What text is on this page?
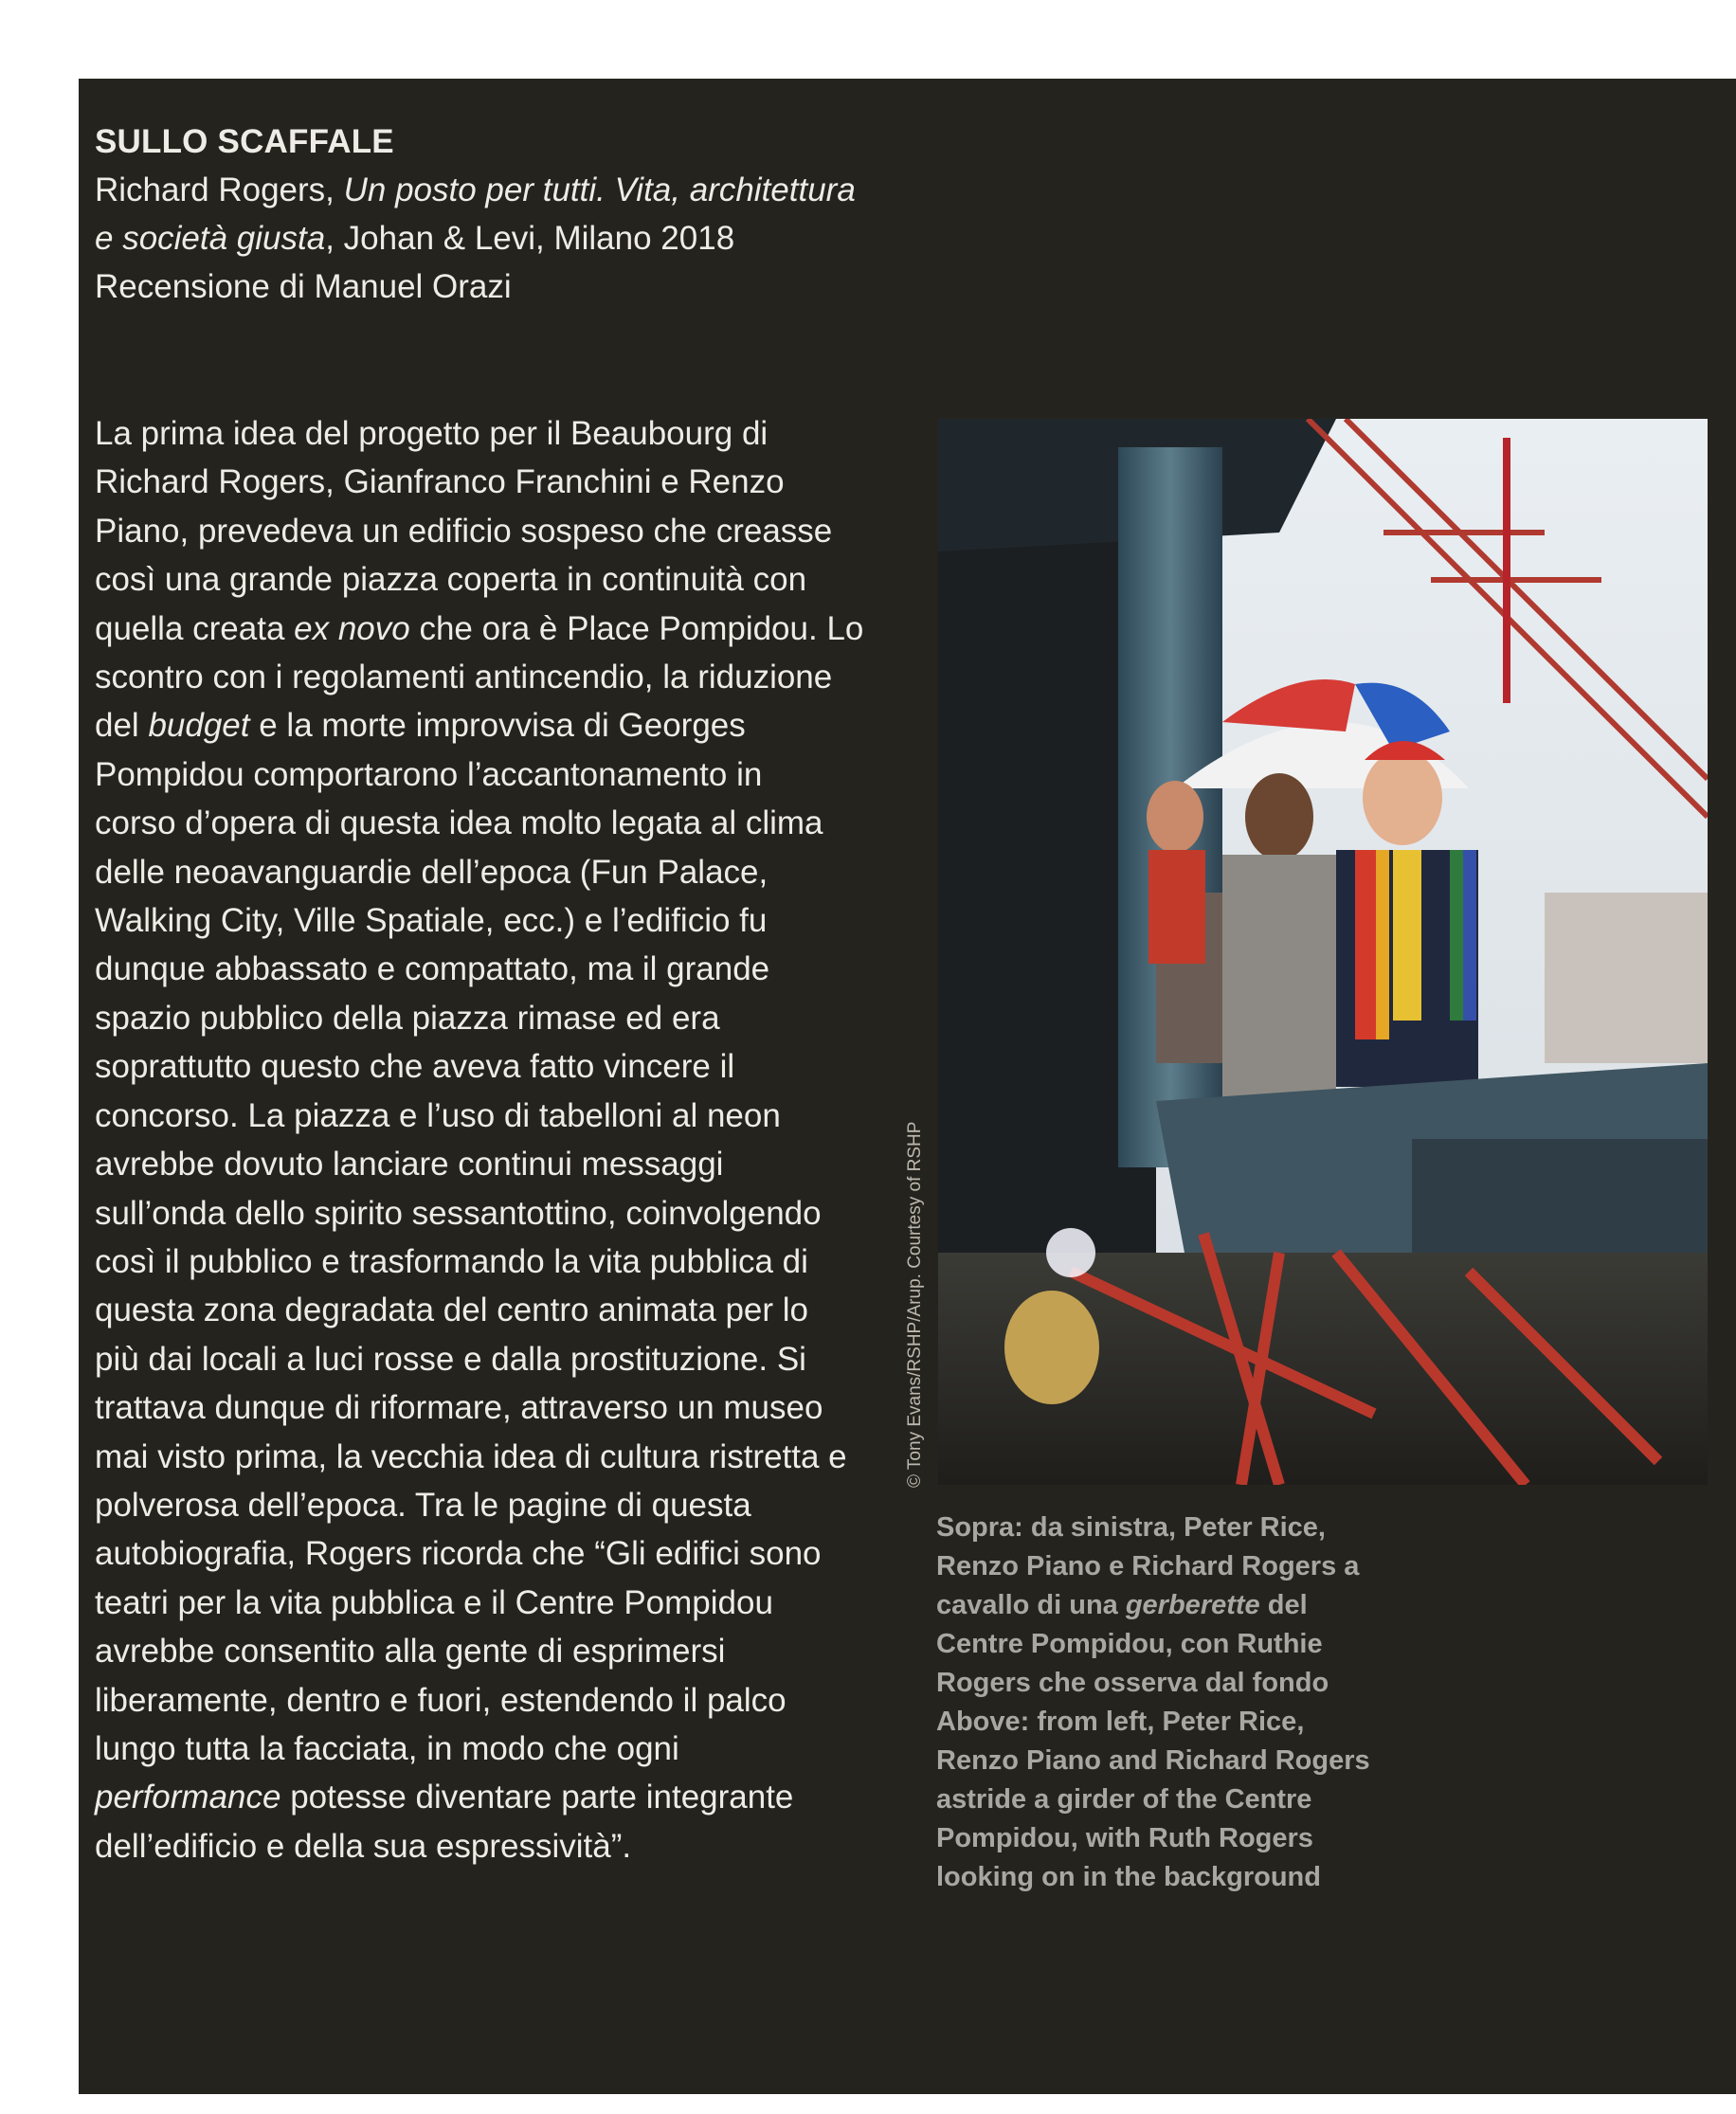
SULLO SCAFFALE
Richard Rogers, Un posto per tutti. Vita, architettura
e società giusta, Johan & Levi, Milano 2018
Recensione di Manuel Orazi
La prima idea del progetto per il Beaubourg di
Richard Rogers, Gianfranco Franchini e Renzo
Piano, prevedeva un edificio sospeso che creasse
così una grande piazza coperta in continuità con
quella creata ex novo che ora è Place Pompidou. Lo
scontro con i regolamenti antincendio, la riduzione
del budget e la morte improvvisa di Georges
Pompidou comportarono l’accantonamento in
corso d’opera di questa idea molto legata al clima
delle neoavanguardie dell’epoca (Fun Palace,
Walking City, Ville Spatiale, ecc.) e l’edificio fu
dunque abbassato e compattato, ma il grande
spazio pubblico della piazza rimase ed era
soprattutto questo che aveva fatto vincere il
concorso. La piazza e l’uso di tabelloni al neon
avrebbe dovuto lanciare continui messaggi
sull’onda dello spirito sessantottino, coinvolgendo
così il pubblico e trasformando la vita pubblica di
questa zona degradata del centro animata per lo
più dai locali a luci rosse e dalla prostituzione. Si
trattava dunque di riformare, attraverso un museo
mai visto prima, la vecchia idea di cultura ristretta e
polverosa dell’epoca. Tra le pagine di questa
autobiografia, Rogers ricorda che “Gli edifici sono
teatri per la vita pubblica e il Centre Pompidou
avrebbe consentito alla gente di esprimersi
liberamente, dentro e fuori, estendendo il palco
lungo tutta la facciata, in modo che ogni
performance potesse diventare parte integrante
dell’edificio e della sua espressività”.
© Tony Evans/RSHP/Arup. Courtesy of RSHP
Sopra: da sinistra, Peter Rice,
Renzo Piano e Richard Rogers a
cavallo di una gerberette del
Centre Pompidou, con Ruthie
Rogers che osserva dal fondo
Above: from left, Peter Rice,
Renzo Piano and Richard Rogers
astride a girder of the Centre
Pompidou, with Ruth Rogers
looking on in the background
